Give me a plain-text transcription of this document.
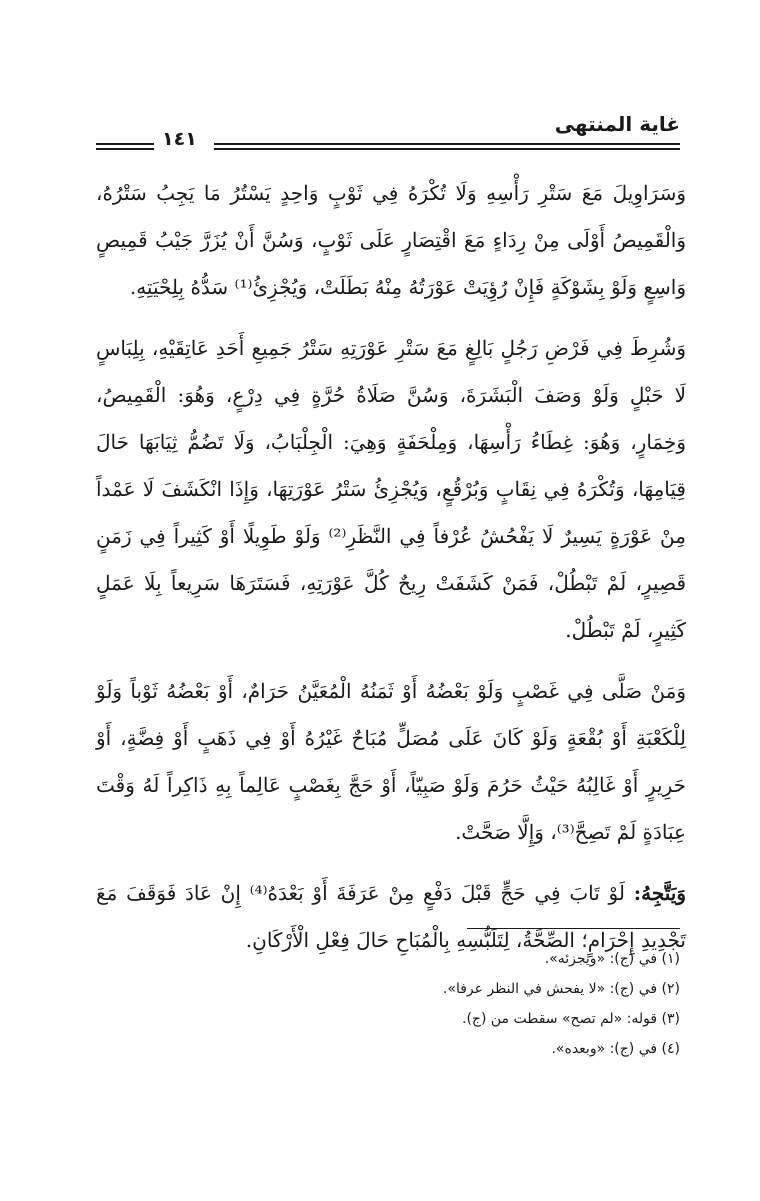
غاية المنتهى
١٤١

وَسَرَاوِيلَ مَعَ سَتْرِ رَأْسِهِ وَلَا تُكْرَهُ فِي ثَوْبٍ وَاحِدٍ يَسْتُرُ مَا يَجِبُ سَتْرُهُ، وَالْقَمِيصُ أَوْلَى مِنْ رِدَاءٍ مَعَ اقْتِصَارٍ عَلَى ثَوْبٍ، وَسُنَّ أَنْ يُزَرَّ جَيْبُ قَمِيصٍ وَاسِعٍ وَلَوْ بِشَوْكَةٍ فَإِنْ رُؤِيَتْ عَوْرَتُهُ مِنْهُ بَطَلَتْ، وَيُجْزِئُ⁽¹⁾ سَدُّهُ بِلِحْيَتِهِ.

وَشُرِطَ فِي فَرْضِ رَجُلٍ بَالِغٍ مَعَ سَتْرِ عَوْرَتِهِ سَتْرُ جَمِيعِ أَحَدِ عَاتِقَيْهِ، بِلِبَاسٍ لَا حَبْلٍ وَلَوْ وَصَفَ الْبَشَرَةَ، وَسُنَّ صَلَاةُ حُرَّةٍ فِي دِرْعٍ، وَهُوَ: الْقَمِيصُ، وَخِمَارٍ، وَهُوَ: غِطَاءُ رَأْسِهَا، وَمِلْحَفَةٍ وَهِيَ: الْجِلْبَابُ، وَلَا تَضُمُّ ثِيَابَهَا حَالَ قِيَامِهَا، وَتُكْرَهُ فِي نِقَابٍ وَبُرْقُعٍ، وَيُجْزِئُ سَتْرُ عَوْرَتِهَا، وَإِذَا انْكَشَفَ لَا عَمْداً مِنْ عَوْرَةٍ يَسِيرٌ لَا يَفْحُشُ عُرْفاً فِي النَّظَرِ⁽²⁾ وَلَوْ طَوِيلًا أَوْ كَثِيراً فِي زَمَنٍ قَصِيرٍ، لَمْ تَبْطُلْ، فَمَنْ كَشَفَتْ رِيحٌ كُلَّ عَوْرَتِهِ، فَسَتَرَهَا سَرِيعاً بِلَا عَمَلٍ كَثِيرٍ، لَمْ تَبْطُلْ.

وَمَنْ صَلَّى فِي غَصْبٍ وَلَوْ بَعْضُهُ أَوْ ثَمَنُهُ الْمُعَيَّنُ حَرَامٌ، أَوْ بَعْضُهُ ثَوْباً وَلَوْ لِلْكَعْبَةِ أَوْ بُقْعَةٍ وَلَوْ كَانَ عَلَى مُصَلٍّ مُبَاحٌ غَيْرُهُ أَوْ فِي ذَهَبٍ أَوْ فِضَّةٍ، أَوْ حَرِيرٍ أَوْ غَالِبُهُ حَيْثُ حَرُمَ وَلَوْ صَبِيّاً، أَوْ حَجَّ بِغَصْبٍ عَالِماً بِهِ ذَاكِراً لَهُ وَقْتَ عِبَادَةٍ لَمْ تَصِحَّ⁽³⁾، وَإِلَّا صَحَّتْ.

وَيَتَّجِهُ: لَوْ تَابَ فِي حَجٍّ قَبْلَ دَفْعٍ مِنْ عَرَفَةَ أَوْ بَعْدَهُ⁽⁴⁾ إِنْ عَادَ فَوَقَفَ مَعَ تَجْدِيدِ إِحْرَامٍ؛ الصِّحَّةُ، لِتَلَبُّسِهِ بِالْمُبَاحِ حَالَ فِعْلِ الْأَرْكَانِ.

(١) في (ج): «ويجزئه».

(٢) في (ج): «لا يفحش في النظر عرفا».

(٣) قوله: «لم تصح» سقطت من (ج).

(٤) في (ج): «وبعده».
